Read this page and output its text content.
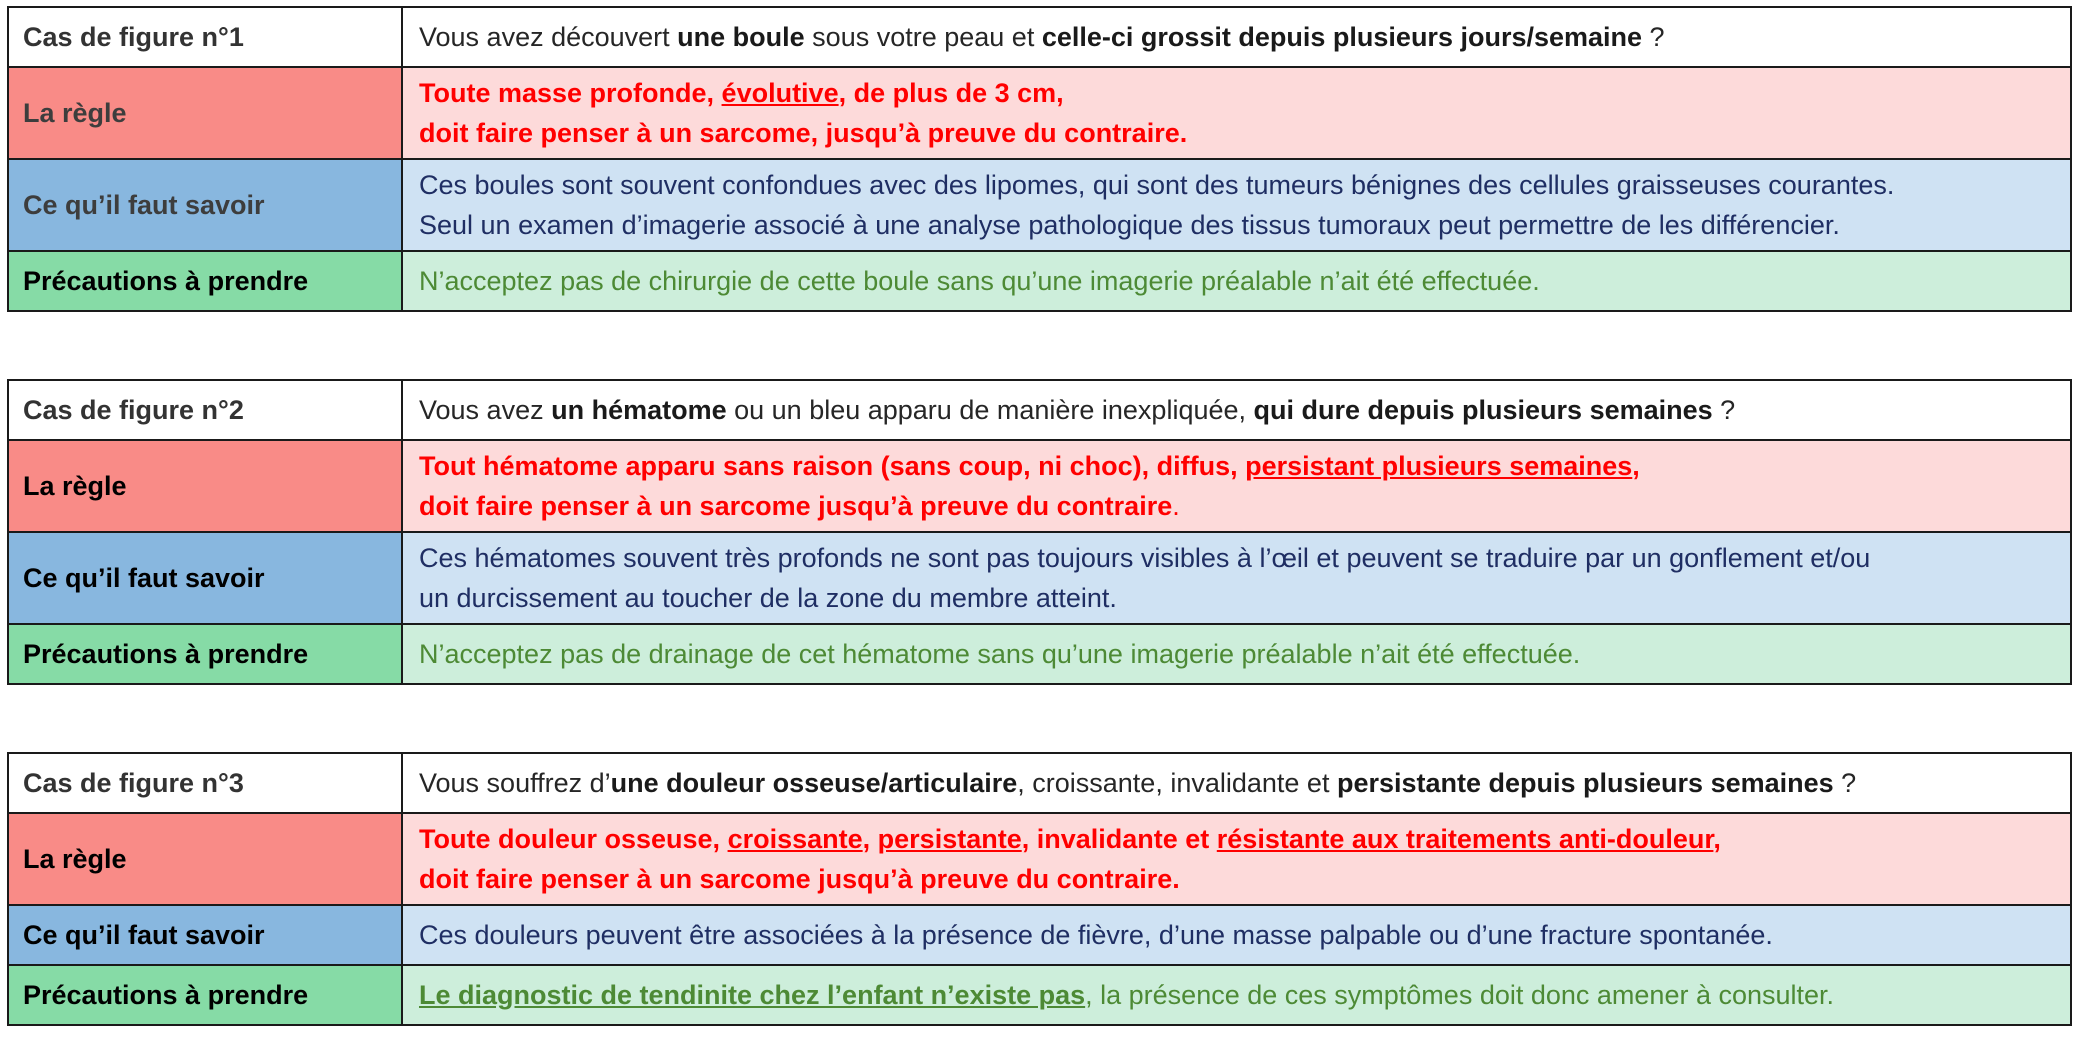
Cas de figure n°1	Vous avez découvert une boule sous votre peau et celle-ci grossit depuis plusieurs jours/semaine ?
La règle	Toute masse profonde, évolutive, de plus de 3 cm,
doit faire penser à un sarcome, jusqu’à preuve du contraire.

Ce qu’il faut savoir	Ces boules sont souvent confondues avec des lipomes, qui sont des tumeurs bénignes des cellules graisseuses courantes.
Seul un examen d’imagerie associé à une analyse pathologique des tissus tumoraux peut permettre de les différencier.

Précautions à prendre	N’acceptez pas de chirurgie de cette boule sans qu’une imagerie préalable n’ait été effectuée.
Cas de figure n°2	Vous avez un hématome ou un bleu apparu de manière inexpliquée, qui dure depuis plusieurs semaines ?
La règle	Tout hématome apparu sans raison (sans coup, ni choc), diffus, persistant plusieurs semaines,
doit faire penser à un sarcome jusqu’à preuve du contraire.

Ce qu’il faut savoir	Ces hématomes souvent très profonds ne sont pas toujours visibles à l’œil et peuvent se traduire par un gonflement et/ou
un durcissement au toucher de la zone du membre atteint.

Précautions à prendre	N’acceptez pas de drainage de cet hématome sans qu’une imagerie préalable n’ait été effectuée.
Cas de figure n°3	Vous souffrez d’une douleur osseuse/articulaire, croissante, invalidante et persistante depuis plusieurs semaines ?
La règle	Toute douleur osseuse, croissante, persistante, invalidante et résistante aux traitements anti-douleur,
doit faire penser à un sarcome jusqu’à preuve du contraire.

Ce qu’il faut savoir	Ces douleurs peuvent être associées à la présence de fièvre, d’une masse palpable ou d’une fracture spontanée.
Précautions à prendre	Le diagnostic de tendinite chez l’enfant n’existe pas, la présence de ces symptômes doit donc amener à consulter.
